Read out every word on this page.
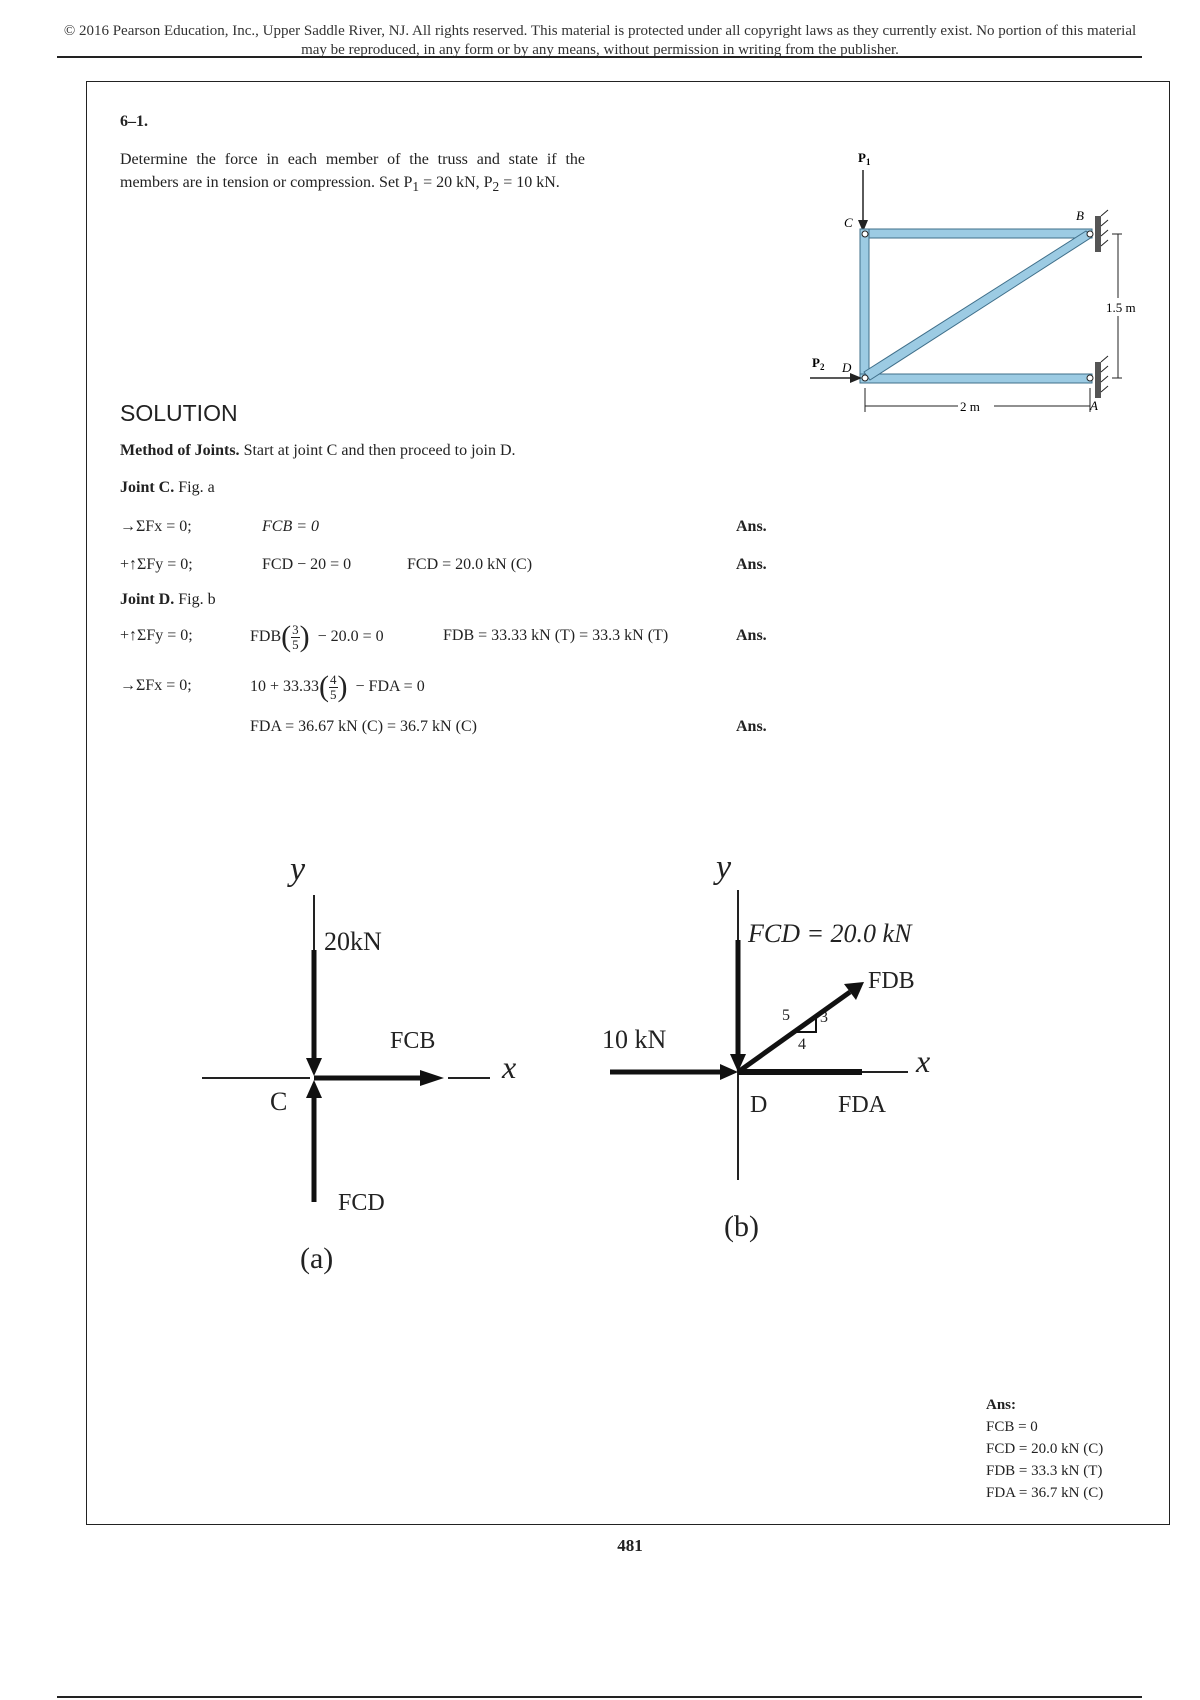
© 2016 Pearson Education, Inc., Upper Saddle River, NJ. All rights reserved. This material is protected under all copyright laws as they currently exist. No portion of this material may be reproduced, in any form or by any means, without permission in writing from the publisher.
6–1.
Determine the force in each member of the truss and state if the members are in tension or compression. Set $P_1 = 20$ kN, $P_2 = 10$ kN.
$P_1$
$P_2$
C	B
D
A
1.5 m
2 m
SOLUTION
Method of Joints. Start at joint C and then proceed to join D.
Joint C. Fig. a
→ΣFx = 0;	FCB = 0	Ans.
+↑ΣFy = 0;	FCD − 20 = 0	FCD = 20.0 kN (C)	Ans.
Joint D. Fig. b
+↑ΣFy = 0;	FDB ( $\frac{3}{5}$ ) − 20.0 = 0	FDB = 33.33 kN (T) = 33.3 kN (T)	Ans.
→ΣFx = 0;	10 + 33.33 ( $\frac{4}{5}$ ) − FDA = 0
FDA = 36.67 kN (C) = 36.7 kN (C)	Ans.
y
20kN
FCB
x
C
FCD
(a)
y
FCD = 20.0 kN
FDB
5 3
4
10 kN
x
D	FDA
(b)
Ans:
FCB = 0
FCD = 20.0 kN (C)
FDB = 33.3 kN (T)
FDA = 36.7 kN (C)
481
